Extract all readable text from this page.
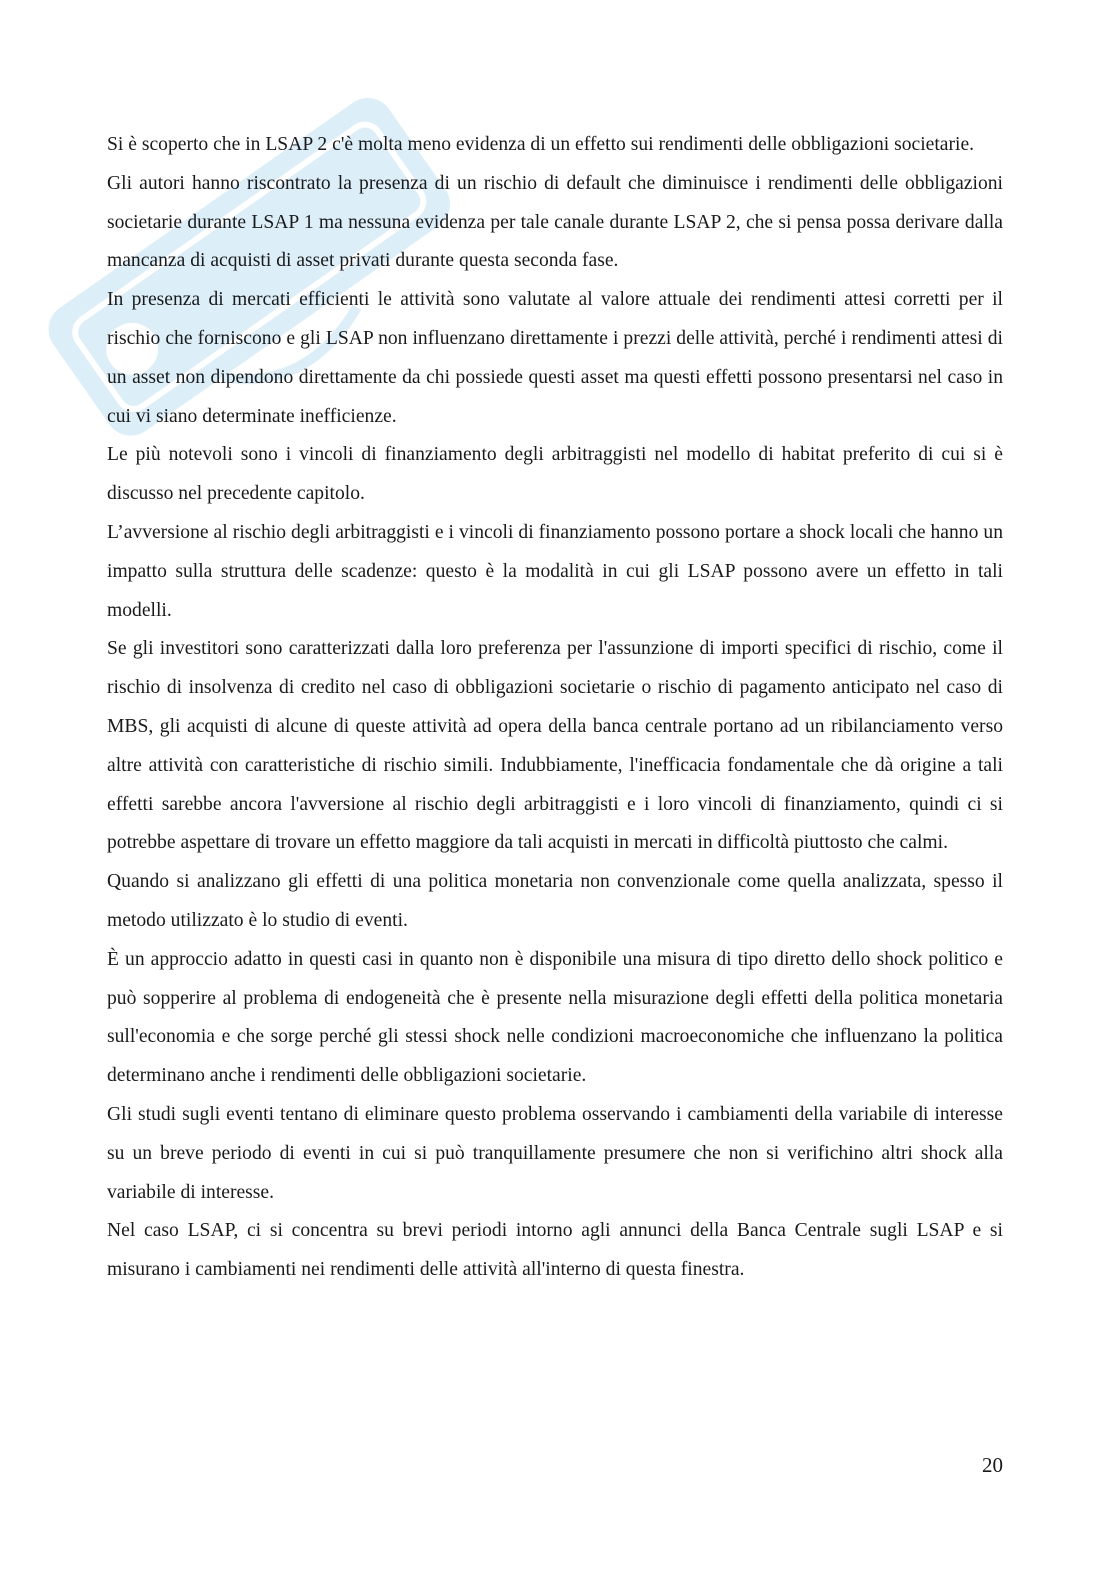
Si è scoperto che in LSAP 2 c'è molta meno evidenza di un effetto sui rendimenti delle obbligazioni societarie.

Gli autori hanno riscontrato la presenza di un rischio di default che diminuisce i rendimenti delle obbligazioni societarie durante LSAP 1 ma nessuna evidenza per tale canale durante LSAP 2, che si pensa possa derivare dalla mancanza di acquisti di asset privati durante questa seconda fase.

In presenza di mercati efficienti le attività sono valutate al valore attuale dei rendimenti attesi corretti per il rischio che forniscono e gli LSAP non influenzano direttamente i prezzi delle attività, perché i rendimenti attesi di un asset non dipendono direttamente da chi possiede questi asset ma questi effetti possono presentarsi nel caso in cui vi siano determinate inefficienze.

Le più notevoli sono i vincoli di finanziamento degli arbitraggisti nel modello di habitat preferito di cui si è discusso nel precedente capitolo.

L’avversione al rischio degli arbitraggisti e i vincoli di finanziamento possono portare a shock locali che hanno un impatto sulla struttura delle scadenze: questo è la modalità in cui gli LSAP possono avere un effetto in tali modelli.

Se gli investitori sono caratterizzati dalla loro preferenza per l'assunzione di importi specifici di rischio, come il rischio di insolvenza di credito nel caso di obbligazioni societarie o rischio di pagamento anticipato nel caso di MBS, gli acquisti di alcune di queste attività ad opera della banca centrale portano ad un ribilanciamento verso altre attività con caratteristiche di rischio simili. Indubbiamente, l'inefficacia fondamentale che dà origine a tali effetti sarebbe ancora l'avversione al rischio degli arbitraggisti e i loro vincoli di finanziamento, quindi ci si potrebbe aspettare di trovare un effetto maggiore da tali acquisti in mercati in difficoltà piuttosto che calmi.

Quando si analizzano gli effetti di una politica monetaria non convenzionale come quella analizzata, spesso il metodo utilizzato è lo studio di eventi.

È un approccio adatto in questi casi in quanto non è disponibile una misura di tipo diretto dello shock politico e può sopperire al problema di endogeneità che è presente nella misurazione degli effetti della politica monetaria sull'economia e che sorge perché gli stessi shock nelle condizioni macroeconomiche che influenzano la politica determinano anche i rendimenti delle obbligazioni societarie.

Gli studi sugli eventi tentano di eliminare questo problema osservando i cambiamenti della variabile di interesse su un breve periodo di eventi in cui si può tranquillamente presumere che non si verifichino altri shock alla variabile di interesse.

Nel caso LSAP, ci si concentra su brevi periodi intorno agli annunci della Banca Centrale sugli LSAP e si misurano i cambiamenti nei rendimenti delle attività all'interno di questa finestra.

20
